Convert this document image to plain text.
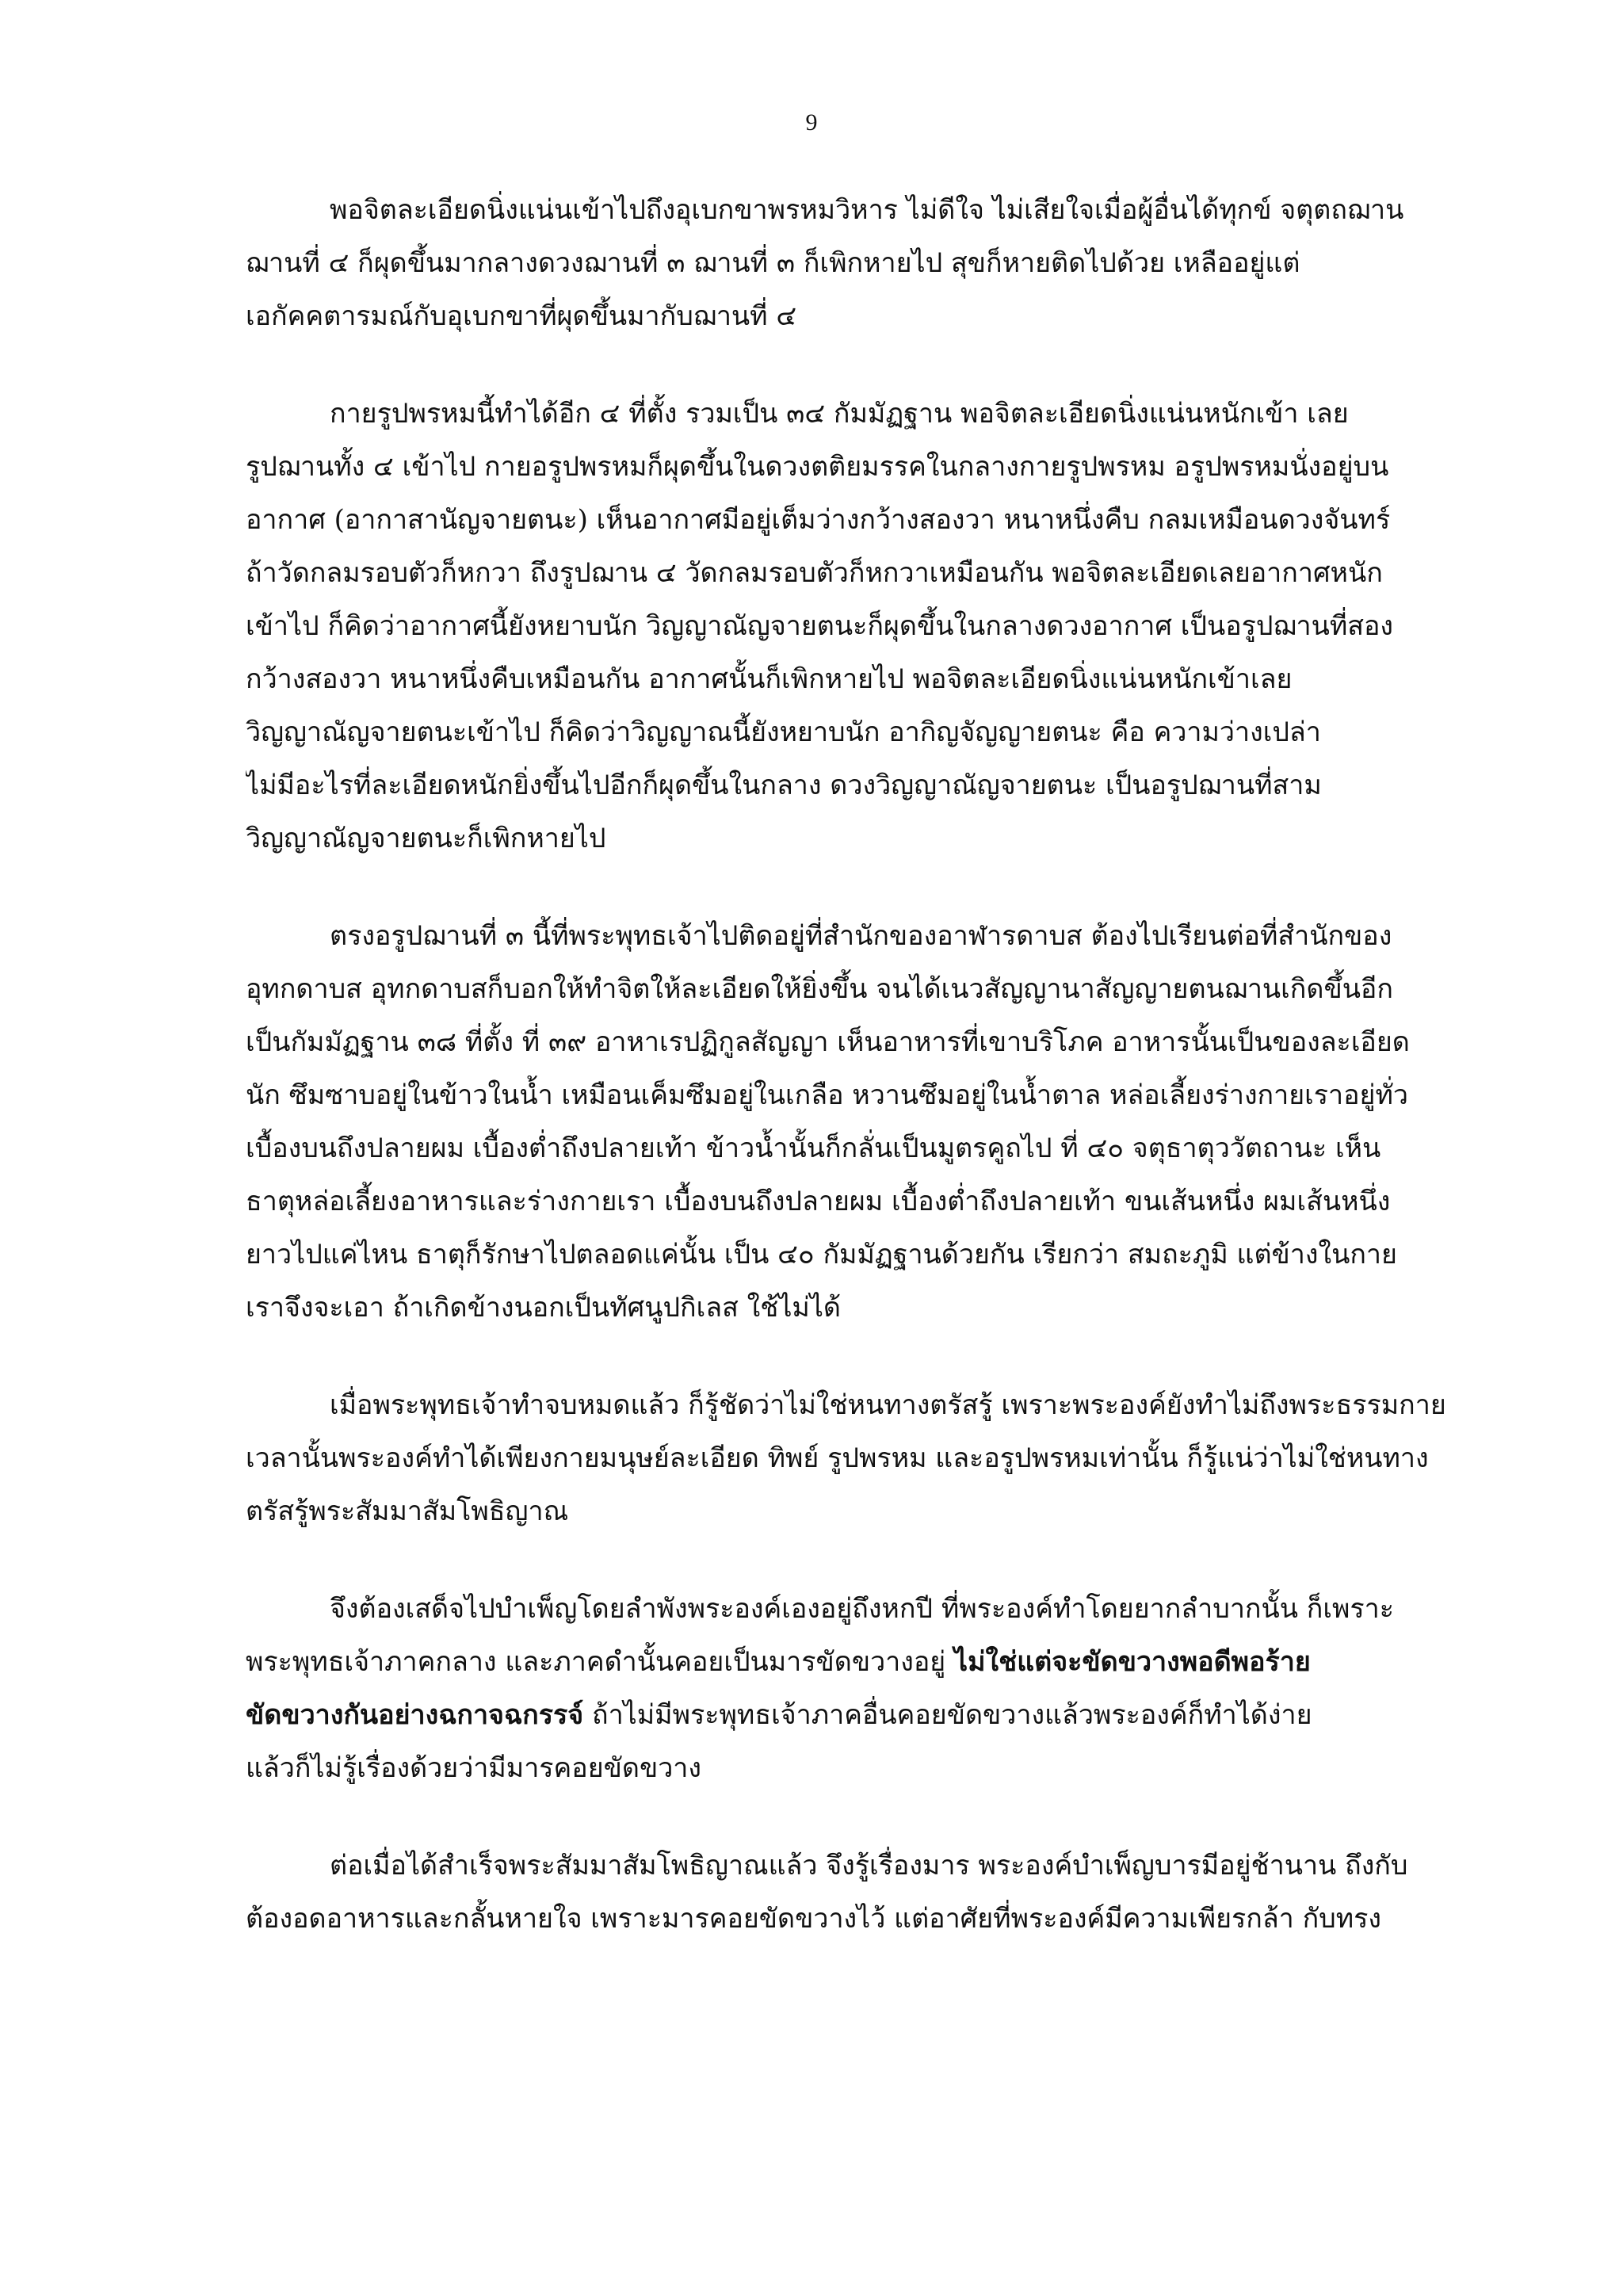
9
พอจิตละเอียดนิ่งแน่นเข้าไปถึงอุเบกขาพรหมวิหาร ไม่ดีใจ ไม่เสียใจเมื่อผู้อื่นได้ทุกข์ จตุตถฌาน
ฌานที่ ๔ ก็ผุดขึ้นมากลางดวงฌานที่ ๓ ฌานที่ ๓ ก็เพิกหายไป สุขก็หายติดไปด้วย เหลืออยู่แต่
เอกัคคตารมณ์กับอุเบกขาที่ผุดขึ้นมากับฌานที่ ๔
กายรูปพรหมนี้ทำได้อีก ๔ ที่ตั้ง รวมเป็น ๓๔ กัมมัฏฐาน พอจิตละเอียดนิ่งแน่นหนักเข้า เลย
รูปฌานทั้ง ๔ เข้าไป กายอรูปพรหมก็ผุดขึ้นในดวงตติยมรรคในกลางกายรูปพรหม อรูปพรหมนั่งอยู่บน
อากาศ (อากาสานัญจายตนะ) เห็นอากาศมีอยู่เต็มว่างกว้างสองวา หนาหนึ่งคืบ กลมเหมือนดวงจันทร์
ถ้าวัดกลมรอบตัวก็หกวา ถึงรูปฌาน ๔ วัดกลมรอบตัวก็หกวาเหมือนกัน พอจิตละเอียดเลยอากาศหนัก
เข้าไป ก็คิดว่าอากาศนี้ยังหยาบนัก วิญญาณัญจายตนะก็ผุดขึ้นในกลางดวงอากาศ เป็นอรูปฌานที่สอง
กว้างสองวา หนาหนึ่งคืบเหมือนกัน อากาศนั้นก็เพิกหายไป พอจิตละเอียดนิ่งแน่นหนักเข้าเลย
วิญญาณัญจายตนะเข้าไป ก็คิดว่าวิญญาณนี้ยังหยาบนัก อากิญจัญญายตนะ คือ ความว่างเปล่า
ไม่มีอะไรที่ละเอียดหนักยิ่งขึ้นไปอีกก็ผุดขึ้นในกลาง ดวงวิญญาณัญจายตนะ เป็นอรูปฌานที่สาม
วิญญาณัญจายตนะก็เพิกหายไป
ตรงอรูปฌานที่ ๓ นี้ที่พระพุทธเจ้าไปติดอยู่ที่สำนักของอาฬารดาบส ต้องไปเรียนต่อที่สำนักของ
อุทกดาบส อุทกดาบสก็บอกให้ทำจิตให้ละเอียดให้ยิ่งขึ้น จนได้เนวสัญญานาสัญญายตนฌานเกิดขึ้นอีก
เป็นกัมมัฏฐาน ๓๘ ที่ตั้ง ที่ ๓๙ อาหาเรปฏิกูลสัญญา เห็นอาหารที่เขาบริโภค อาหารนั้นเป็นของละเอียด
นัก ซึมซาบอยู่ในข้าวในน้ำ เหมือนเค็มซึมอยู่ในเกลือ หวานซึมอยู่ในน้ำตาล หล่อเลี้ยงร่างกายเราอยู่ทั่ว
เบื้องบนถึงปลายผม เบื้องต่ำถึงปลายเท้า ข้าวน้ำนั้นก็กลั่นเป็นมูตรคูถไป ที่ ๔๐ จตุธาตุววัตถานะ เห็น
ธาตุหล่อเลี้ยงอาหารและร่างกายเรา เบื้องบนถึงปลายผม เบื้องต่ำถึงปลายเท้า ขนเส้นหนึ่ง ผมเส้นหนึ่ง
ยาวไปแค่ไหน ธาตุก็รักษาไปตลอดแค่นั้น เป็น ๔๐ กัมมัฏฐานด้วยกัน เรียกว่า สมถะภูมิ แต่ข้างในกาย
เราจึงจะเอา ถ้าเกิดข้างนอกเป็นทัศนูปกิเลส ใช้ไม่ได้
เมื่อพระพุทธเจ้าทำจบหมดแล้ว ก็รู้ชัดว่าไม่ใช่หนทางตรัสรู้ เพราะพระองค์ยังทำไม่ถึงพระธรรมกาย
เวลานั้นพระองค์ทำได้เพียงกายมนุษย์ละเอียด ทิพย์ รูปพรหม และอรูปพรหมเท่านั้น ก็รู้แน่ว่าไม่ใช่หนทาง
ตรัสรู้พระสัมมาสัมโพธิญาณ
จึงต้องเสด็จไปบำเพ็ญโดยลำพังพระองค์เองอยู่ถึงหกปี ที่พระองค์ทำโดยยากลำบากนั้น ก็เพราะ
พระพุทธเจ้าภาคกลาง และภาคดำนั้นคอยเป็นมารขัดขวางอยู่ ไม่ใช่แต่จะขัดขวางพอดีพอร้าย
ขัดขวางกันอย่างฉกาจฉกรรจ์ ถ้าไม่มีพระพุทธเจ้าภาคอื่นคอยขัดขวางแล้วพระองค์ก็ทำได้ง่าย
แล้วก็ไม่รู้เรื่องด้วยว่ามีมารคอยขัดขวาง
ต่อเมื่อได้สำเร็จพระสัมมาสัมโพธิญาณแล้ว จึงรู้เรื่องมาร พระองค์บำเพ็ญบารมีอยู่ช้านาน ถึงกับ
ต้องอดอาหารและกลั้นหายใจ เพราะมารคอยขัดขวางไว้ แต่อาศัยที่พระองค์มีความเพียรกล้า กับทรง
